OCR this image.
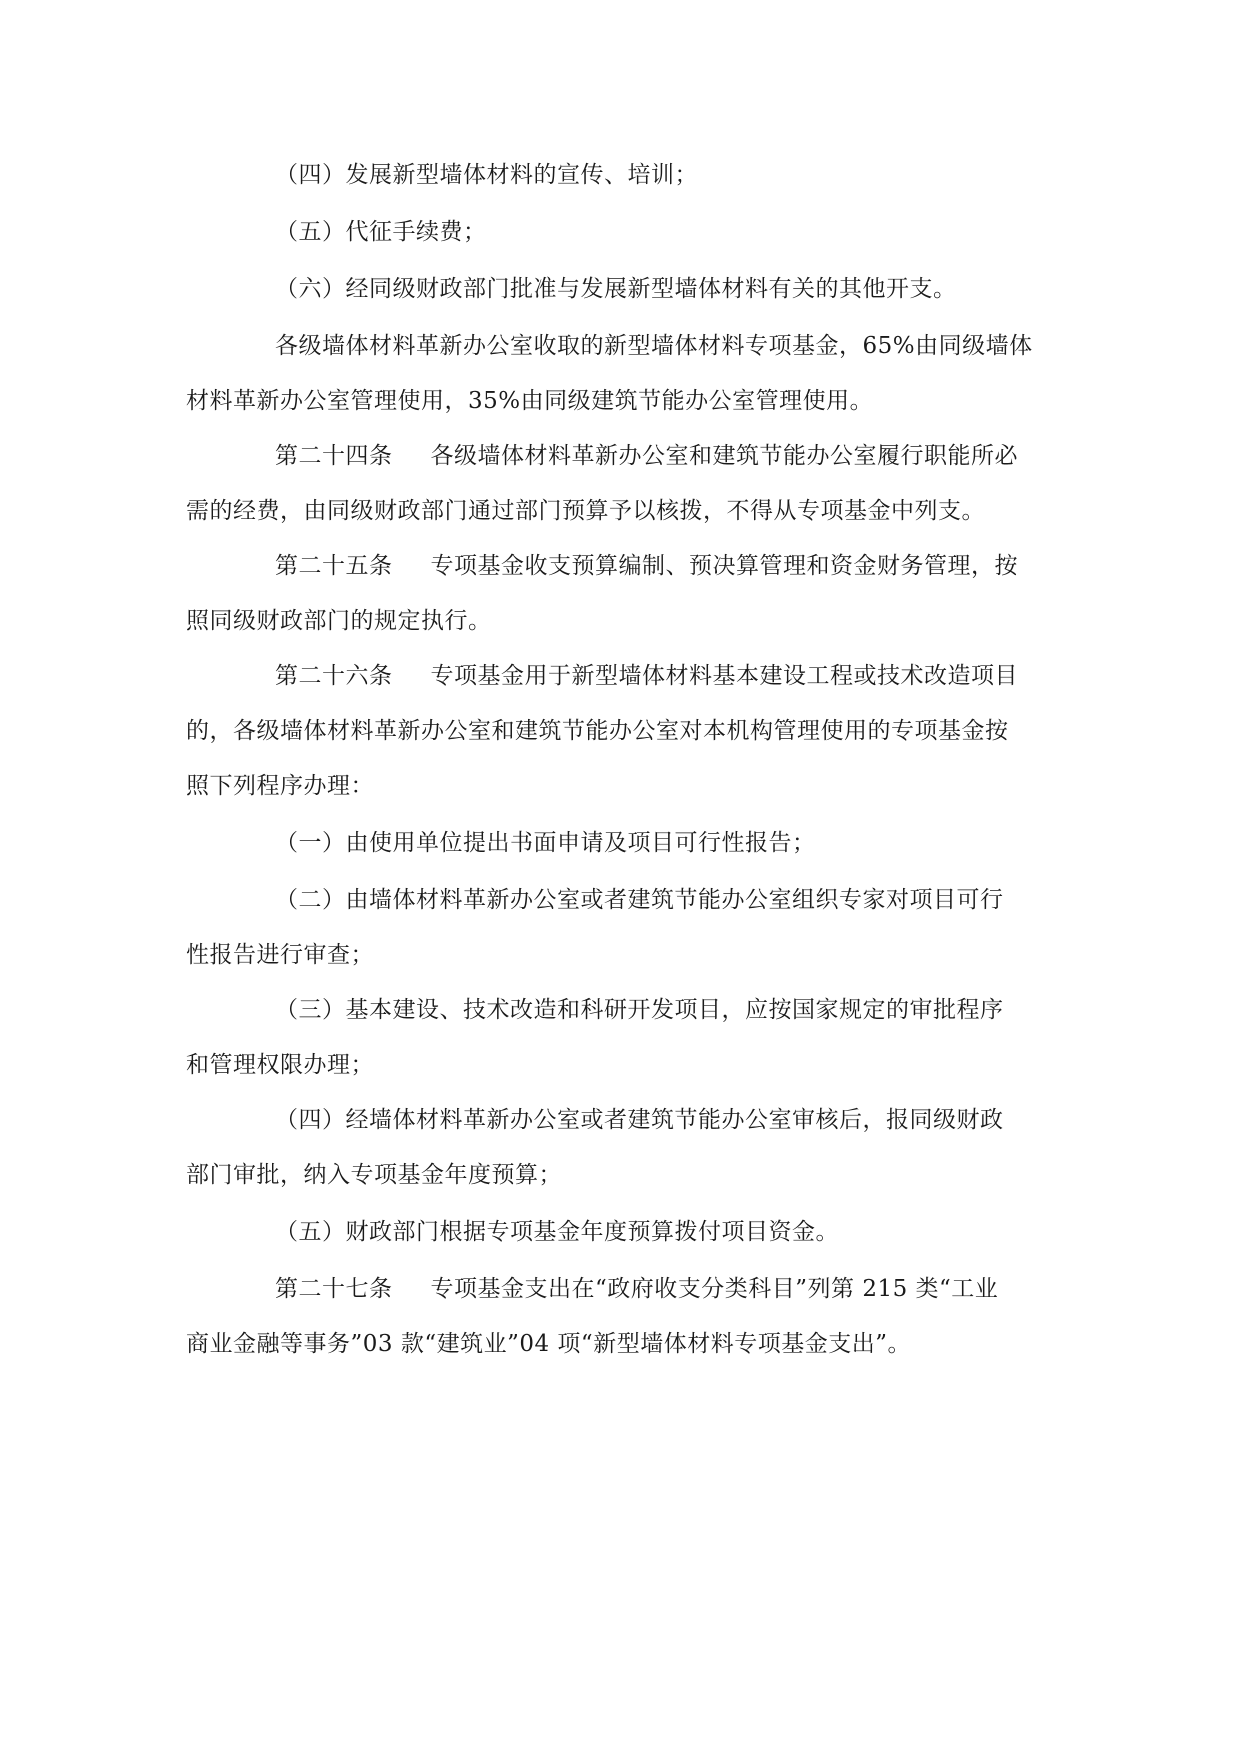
（四）发展新型墙体材料的宣传、培训；
（五）代征手续费；
（六）经同级财政部门批准与发展新型墙体材料有关的其他开支。
各级墙体材料革新办公室收取的新型墙体材料专项基金，65%由同级墙体
材料革新办公室管理使用，35%由同级建筑节能办公室管理使用。
第二十四条 各级墙体材料革新办公室和建筑节能办公室履行职能所必
需的经费，由同级财政部门通过部门预算予以核拨，不得从专项基金中列支。
第二十五条 专项基金收支预算编制、预决算管理和资金财务管理，按
照同级财政部门的规定执行。
第二十六条 专项基金用于新型墙体材料基本建设工程或技术改造项目
的，各级墙体材料革新办公室和建筑节能办公室对本机构管理使用的专项基金按
照下列程序办理：
（一）由使用单位提出书面申请及项目可行性报告；
（二）由墙体材料革新办公室或者建筑节能办公室组织专家对项目可行
性报告进行审查；
（三）基本建设、技术改造和科研开发项目，应按国家规定的审批程序
和管理权限办理；
（四）经墙体材料革新办公室或者建筑节能办公室审核后，报同级财政
部门审批，纳入专项基金年度预算；
（五）财政部门根据专项基金年度预算拨付项目资金。
第二十七条 专项基金支出在“政府收支分类科目”列第 215 类“工业
商业金融等事务”03 款“建筑业”04 项“新型墙体材料专项基金支出”。
